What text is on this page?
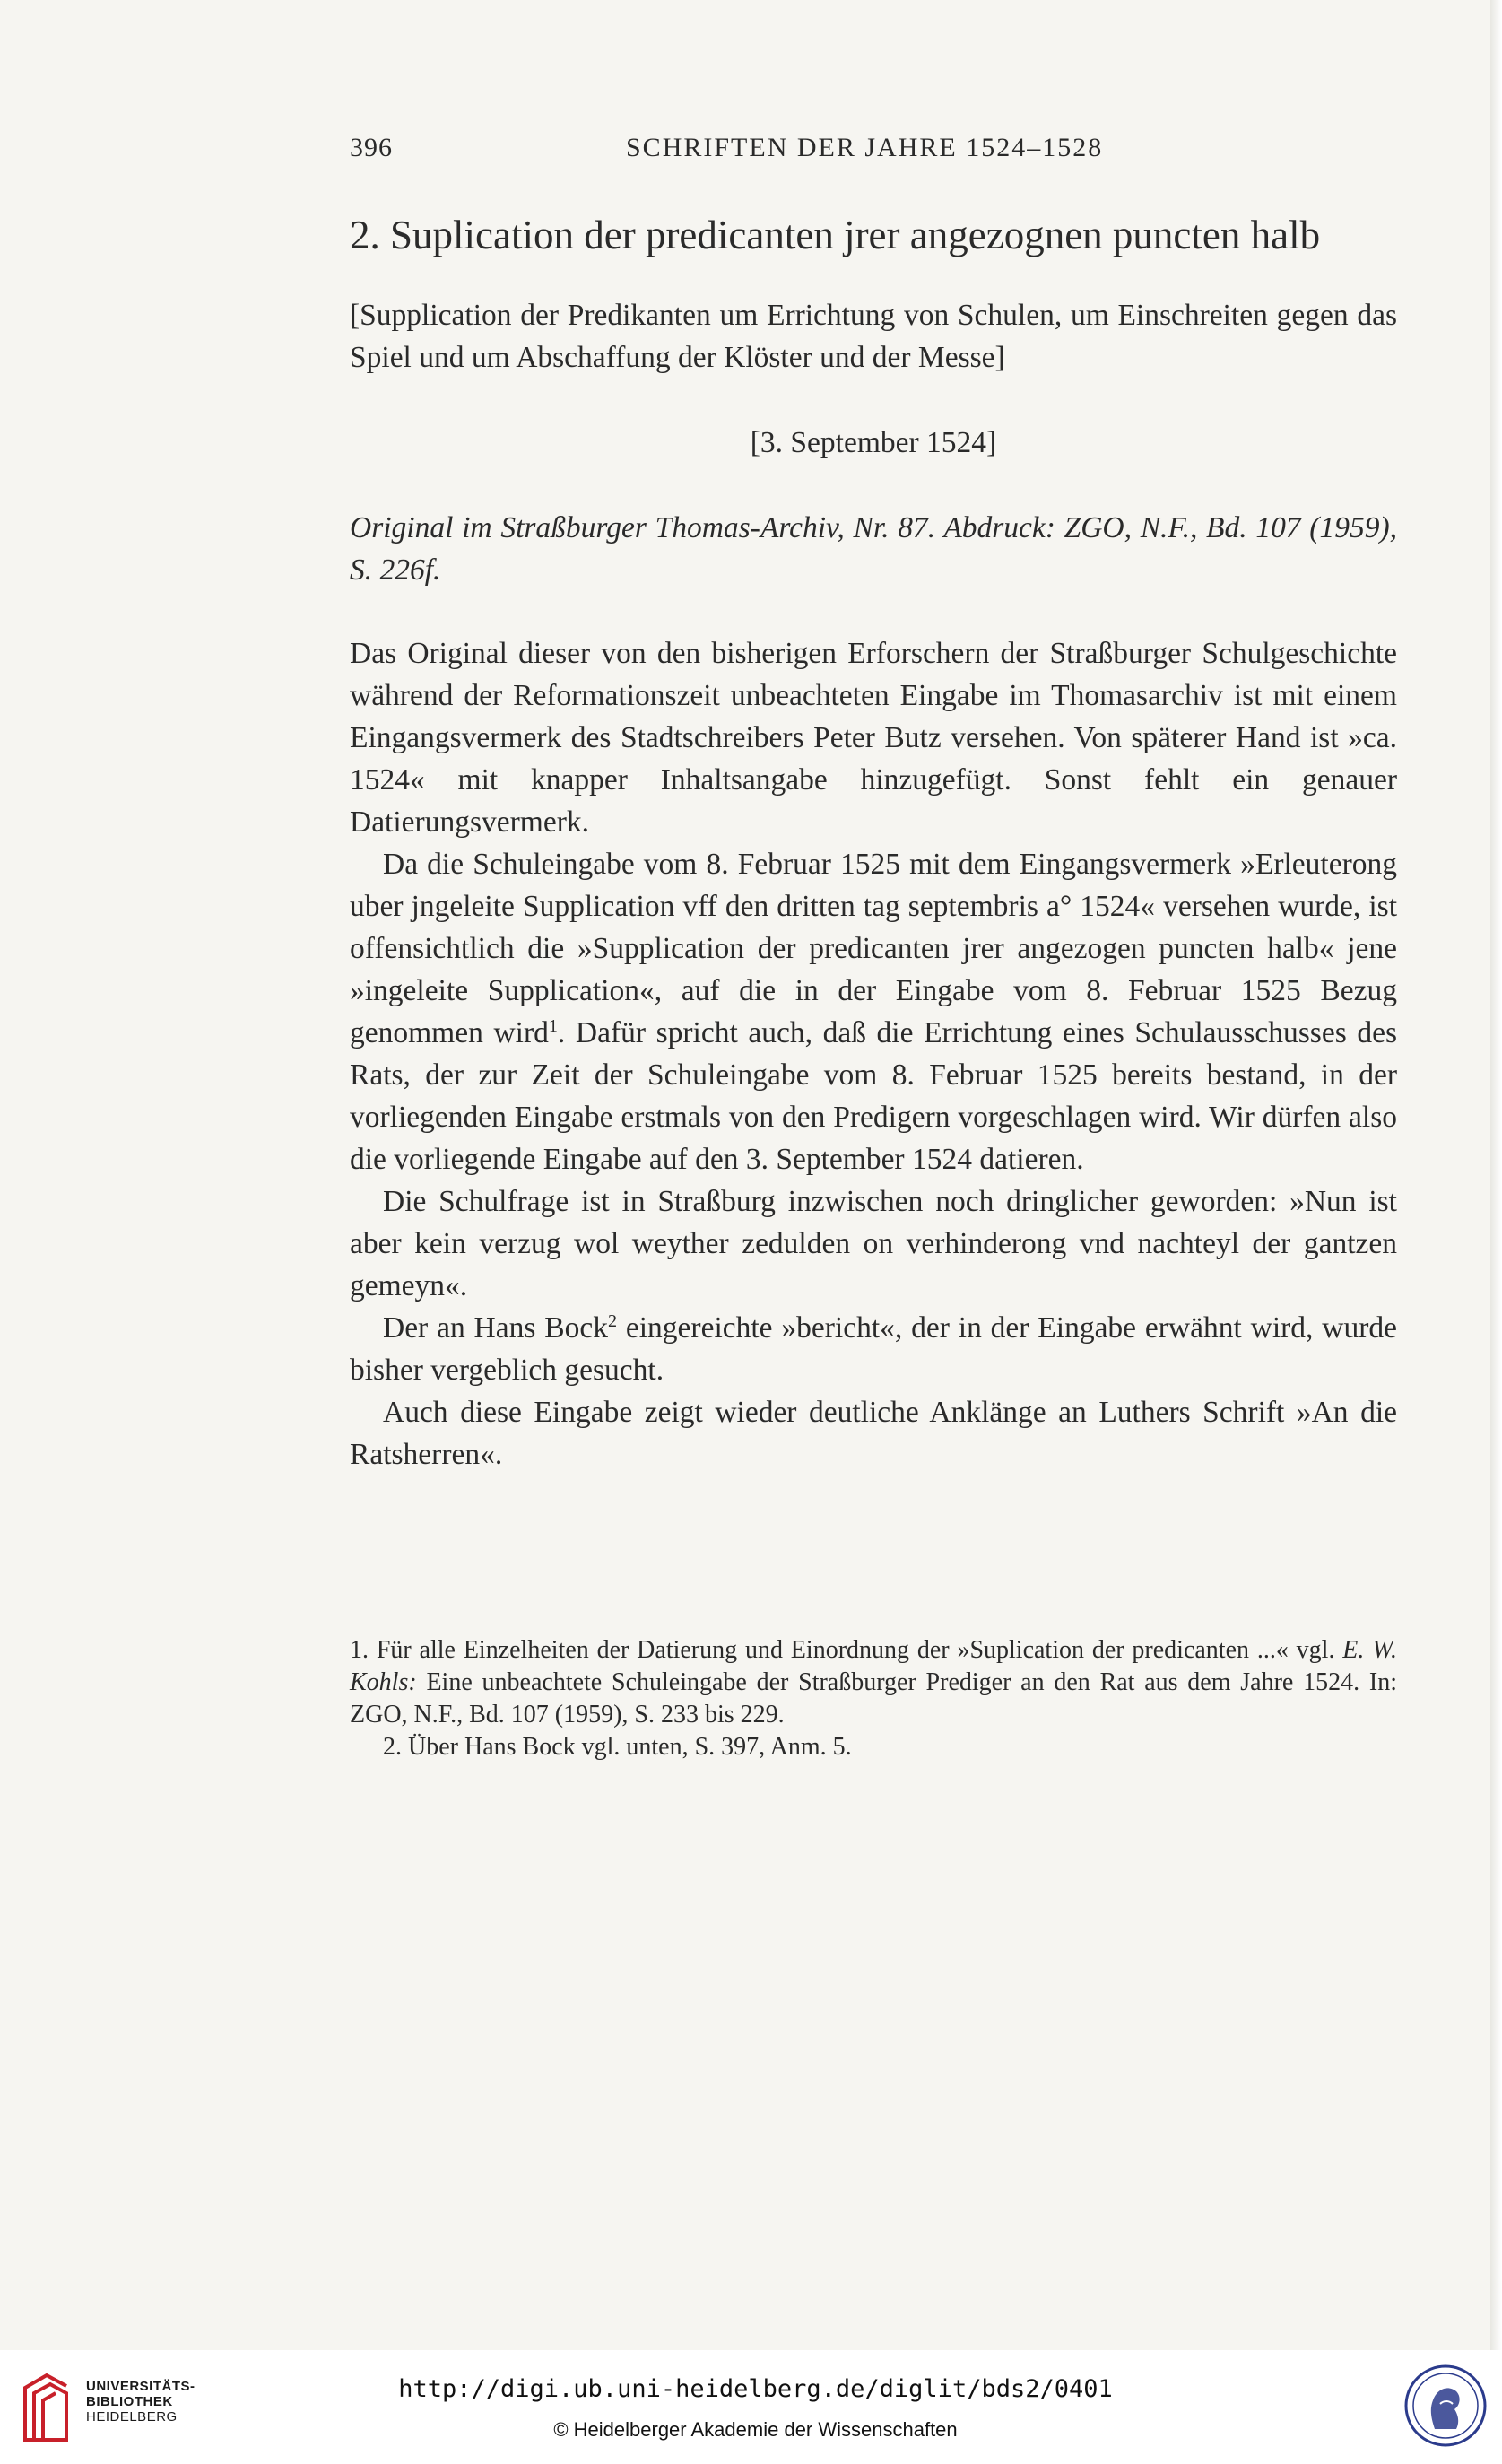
396	SCHRIFTEN DER JAHRE 1524–1528
2. Suplication der predicanten jrer angezognen puncten halb

[Supplication der Predikanten um Errichtung von Schulen, um Einschreiten gegen das Spiel und um Abschaffung der Klöster und der Messe]

[3. September 1524]

Original im Straßburger Thomas-Archiv, Nr. 87. Abdruck: ZGO, N.F., Bd. 107 (1959), S. 226f.

Das Original dieser von den bisherigen Erforschern der Straßburger Schulgeschichte während der Reformationszeit unbeachteten Eingabe im Thomasarchiv ist mit einem Eingangsvermerk des Stadtschreibers Peter Butz versehen. Von späterer Hand ist »ca. 1524« mit knapper Inhaltsangabe hinzugefügt. Sonst fehlt ein genauer Datierungsvermerk.

Da die Schuleingabe vom 8. Februar 1525 mit dem Eingangsvermerk »Erleuterong uber jngeleite Supplication vff den dritten tag septembris a° 1524« versehen wurde, ist offensichtlich die »Supplication der predicanten jrer angezogen puncten halb« jene »ingeleite Supplication«, auf die in der Eingabe vom 8. Februar 1525 Bezug genommen wird$^1$. Dafür spricht auch, daß die Errichtung eines Schulausschusses des Rats, der zur Zeit der Schuleingabe vom 8. Februar 1525 bereits bestand, in der vorliegenden Eingabe erstmals von den Predigern vorgeschlagen wird. Wir dürfen also die vorliegende Eingabe auf den 3. September 1524 datieren.

Die Schulfrage ist in Straßburg inzwischen noch dringlicher geworden: »Nun ist aber kein verzug wol weyther zedulden on verhinderong vnd nachteyl der gantzen gemeyn«.

Der an Hans Bock$^2$ eingereichte »bericht«, der in der Eingabe erwähnt wird, wurde bisher vergeblich gesucht.

Auch diese Eingabe zeigt wieder deutliche Anklänge an Luthers Schrift »An die Ratsherren«.

1. Für alle Einzelheiten der Datierung und Einordnung der »Suplication der predicanten ...« vgl. E. W. Kohls: Eine unbeachtete Schuleingabe der Straßburger Prediger an den Rat aus dem Jahre 1524. In: ZGO, N.F., Bd. 107 (1959), S. 233 bis 229.

2. Über Hans Bock vgl. unten, S. 397, Anm. 5.

UNIVERSITÄTS-
BIBLIOTHEK
HEIDELBERG
http://digi.ub.uni-heidelberg.de/diglit/bds2/0401
© Heidelberger Akademie der Wissenschaften
